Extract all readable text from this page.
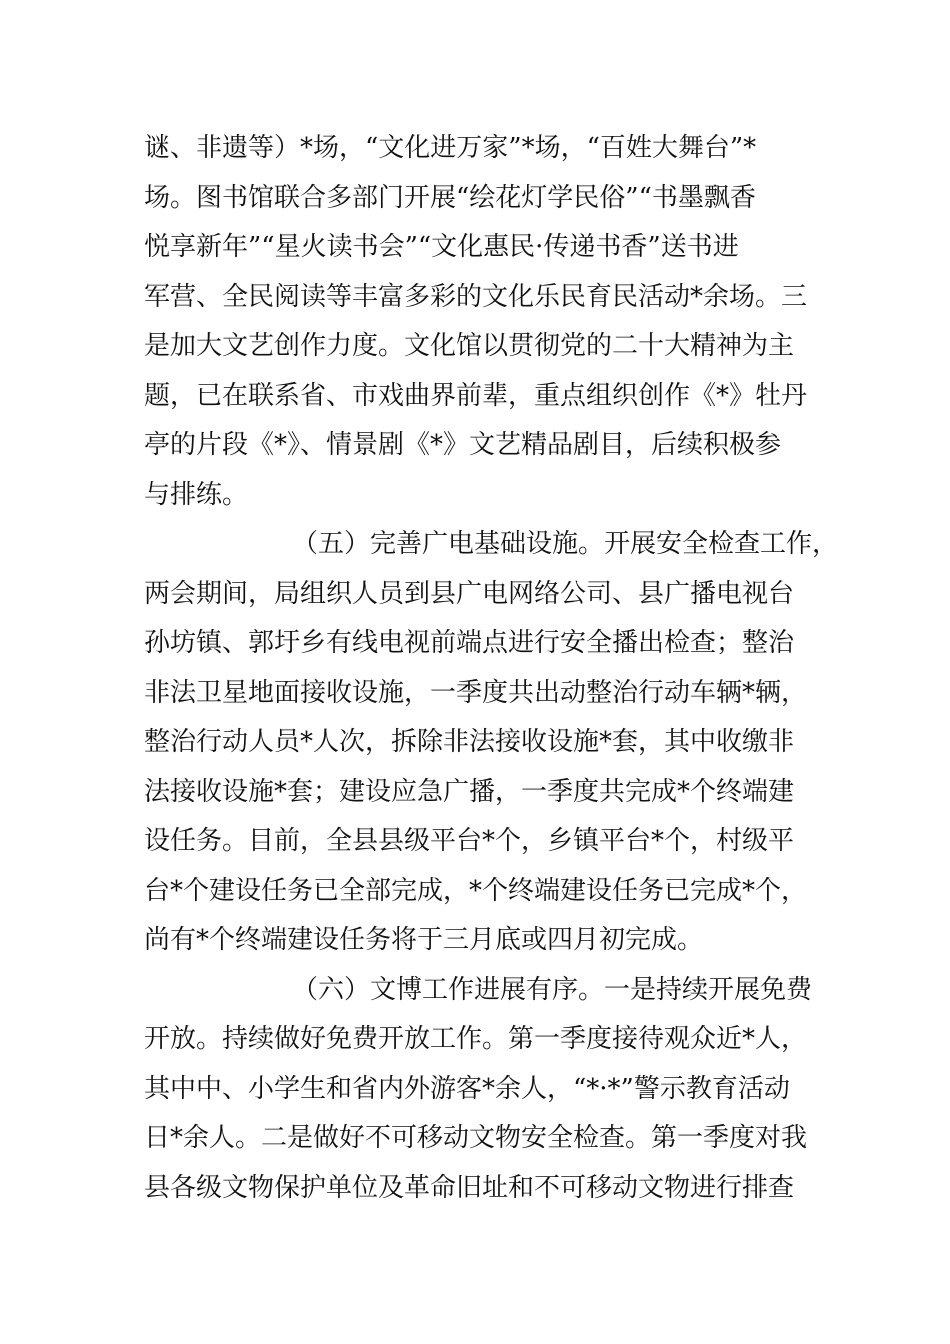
谜、非遗等）*场，“文化进万家”*场，“百姓大舞台”*
场。图书馆联合多部门开展“绘花灯学民俗”“书墨飘香
悦享新年”“星火读书会”“文化惠民·传递书香”送书进
军营、全民阅读等丰富多彩的文化乐民育民活动*余场。三
是加大文艺创作力度。文化馆以贯彻党的二十大精神为主
题，已在联系省、市戏曲界前辈，重点组织创作《*》牡丹
亭的片段《*》、情景剧《*》文艺精品剧目，后续积极参
与排练。
（五）完善广电基础设施。开展安全检查工作，
两会期间，局组织人员到县广电网络公司、县广播电视台
孙坊镇、郭圩乡有线电视前端点进行安全播出检查；整治
非法卫星地面接收设施，一季度共出动整治行动车辆*辆，
整治行动人员*人次，拆除非法接收设施*套，其中收缴非
法接收设施*套；建设应急广播，一季度共完成*个终端建
设任务。目前，全县县级平台*个，乡镇平台*个，村级平
台*个建设任务已全部完成，*个终端建设任务已完成*个，
尚有*个终端建设任务将于三月底或四月初完成。
（六）文博工作进展有序。一是持续开展免费
开放。持续做好免费开放工作。第一季度接待观众近*人，
其中中、小学生和省内外游客*余人，“*·*”警示教育活动
日*余人。二是做好不可移动文物安全检查。第一季度对我
县各级文物保护单位及革命旧址和不可移动文物进行排查
